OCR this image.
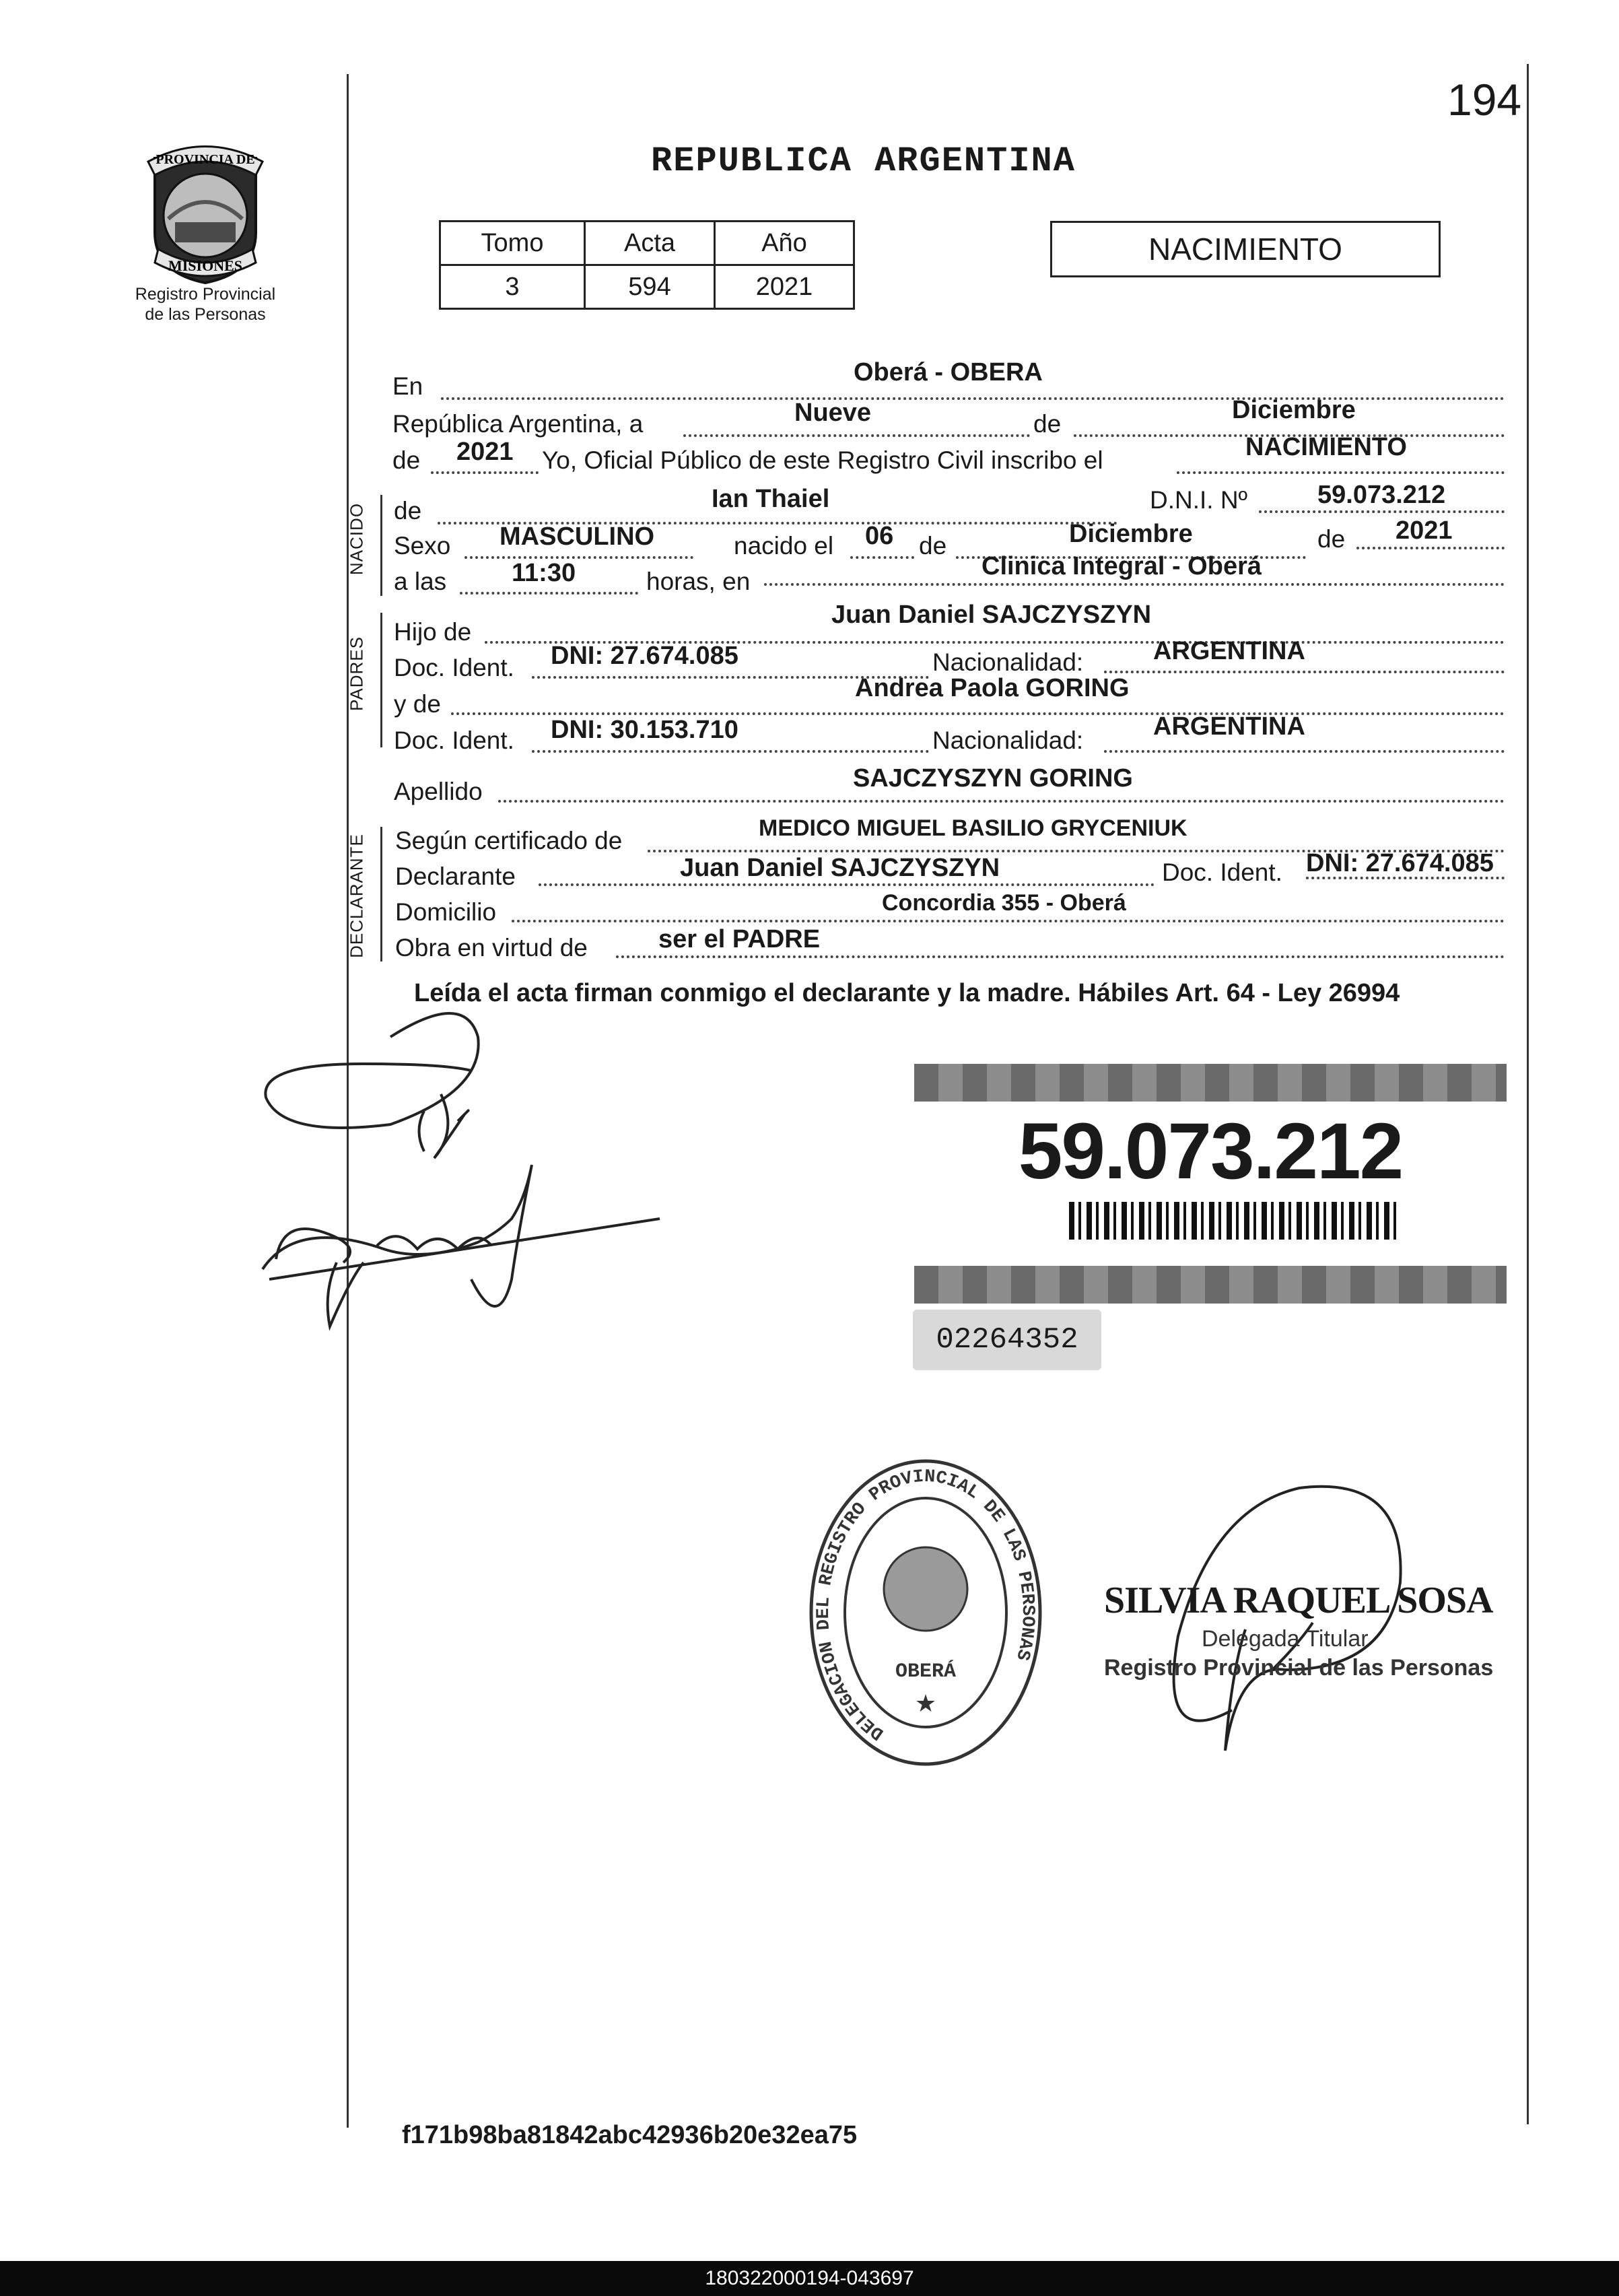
194
REPUBLICA ARGENTINA
PROVINCIA DE
MISIONES
Registro Provincial
de las Personas
Tomo	Acta	Año
3	594	2021
NACIMIENTO
En	Oberá - OBERA
República Argentina, a	Nueve	de	Diciembre
de 2021 Yo, Oficial Público de este Registro Civil inscribo el	NACIMIENTO
NACIDO de	Ian Thaiel	D.N.I. Nº	59.073.212
Sexo MASCULINO	nacido el 06 de	Diciembre	de 2021
a las	11:30	horas, en
Clinica Integral - Oberá
PADRES
Hijo de
Juan Daniel SAJCZYSZYN
Doc. Ident. DNI: 27.674.085	Nacionalidad:	ARGENTINA
y de
Andrea Paola GORING
Doc. Ident. DNI: 30.153.710	Nacionalidad:	ARGENTINA
Apellido	SAJCZYSZYN GORING
DECLARANTE Según certificado de	MEDICO MIGUEL BASILIO GRYCENIUK
Declarante	Juan Daniel SAJCZYSZYN	Doc. Ident. DNI: 27.674.085
Domicilio	Concordia 355 - Oberá
Obra en virtud de	ser el PADRE
Leída el acta firman conmigo el declarante y la madre. Hábiles Art. 64 - Ley 26994
59.073.212
02264352
DELEGACION DEL REGISTRO PROVINCIAL DE LAS PERSONAS
OBERÁ
★
SILVIA RAQUEL SOSA
Delegada Titular
Registro Provincial de las Personas
f171b98ba81842abc42936b20e32ea75
180322000194-043697
